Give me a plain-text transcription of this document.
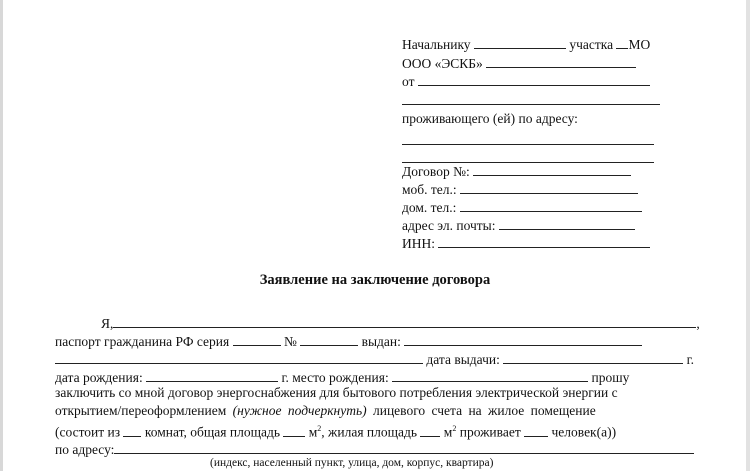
Начальнику	участка МО
ООО «ЭСКБ»
от
проживающего (ей) по адресу:
Договор №:
моб. тел.:
дом. тел.:
адрес эл. почты:
ИНН:
Заявление на заключение договора
Я,	,
паспорт гражданина РФ серия	№	выдан:
дата выдачи:	г.
дата рождения:	г. место рождения:	прошу
заключить со мной договор энергоснабжения для бытового потребления электрической энергии с
открытием/переоформлением (нужное подчеркнуть) лицевого счета на жилое помещение
(состоит из комнат, общая площадь $м^2$, жилая площадь $м^2$ проживает человек(а))
по адресу:
(индекс, населенный пункт, улица, дом, корпус, квартира)
